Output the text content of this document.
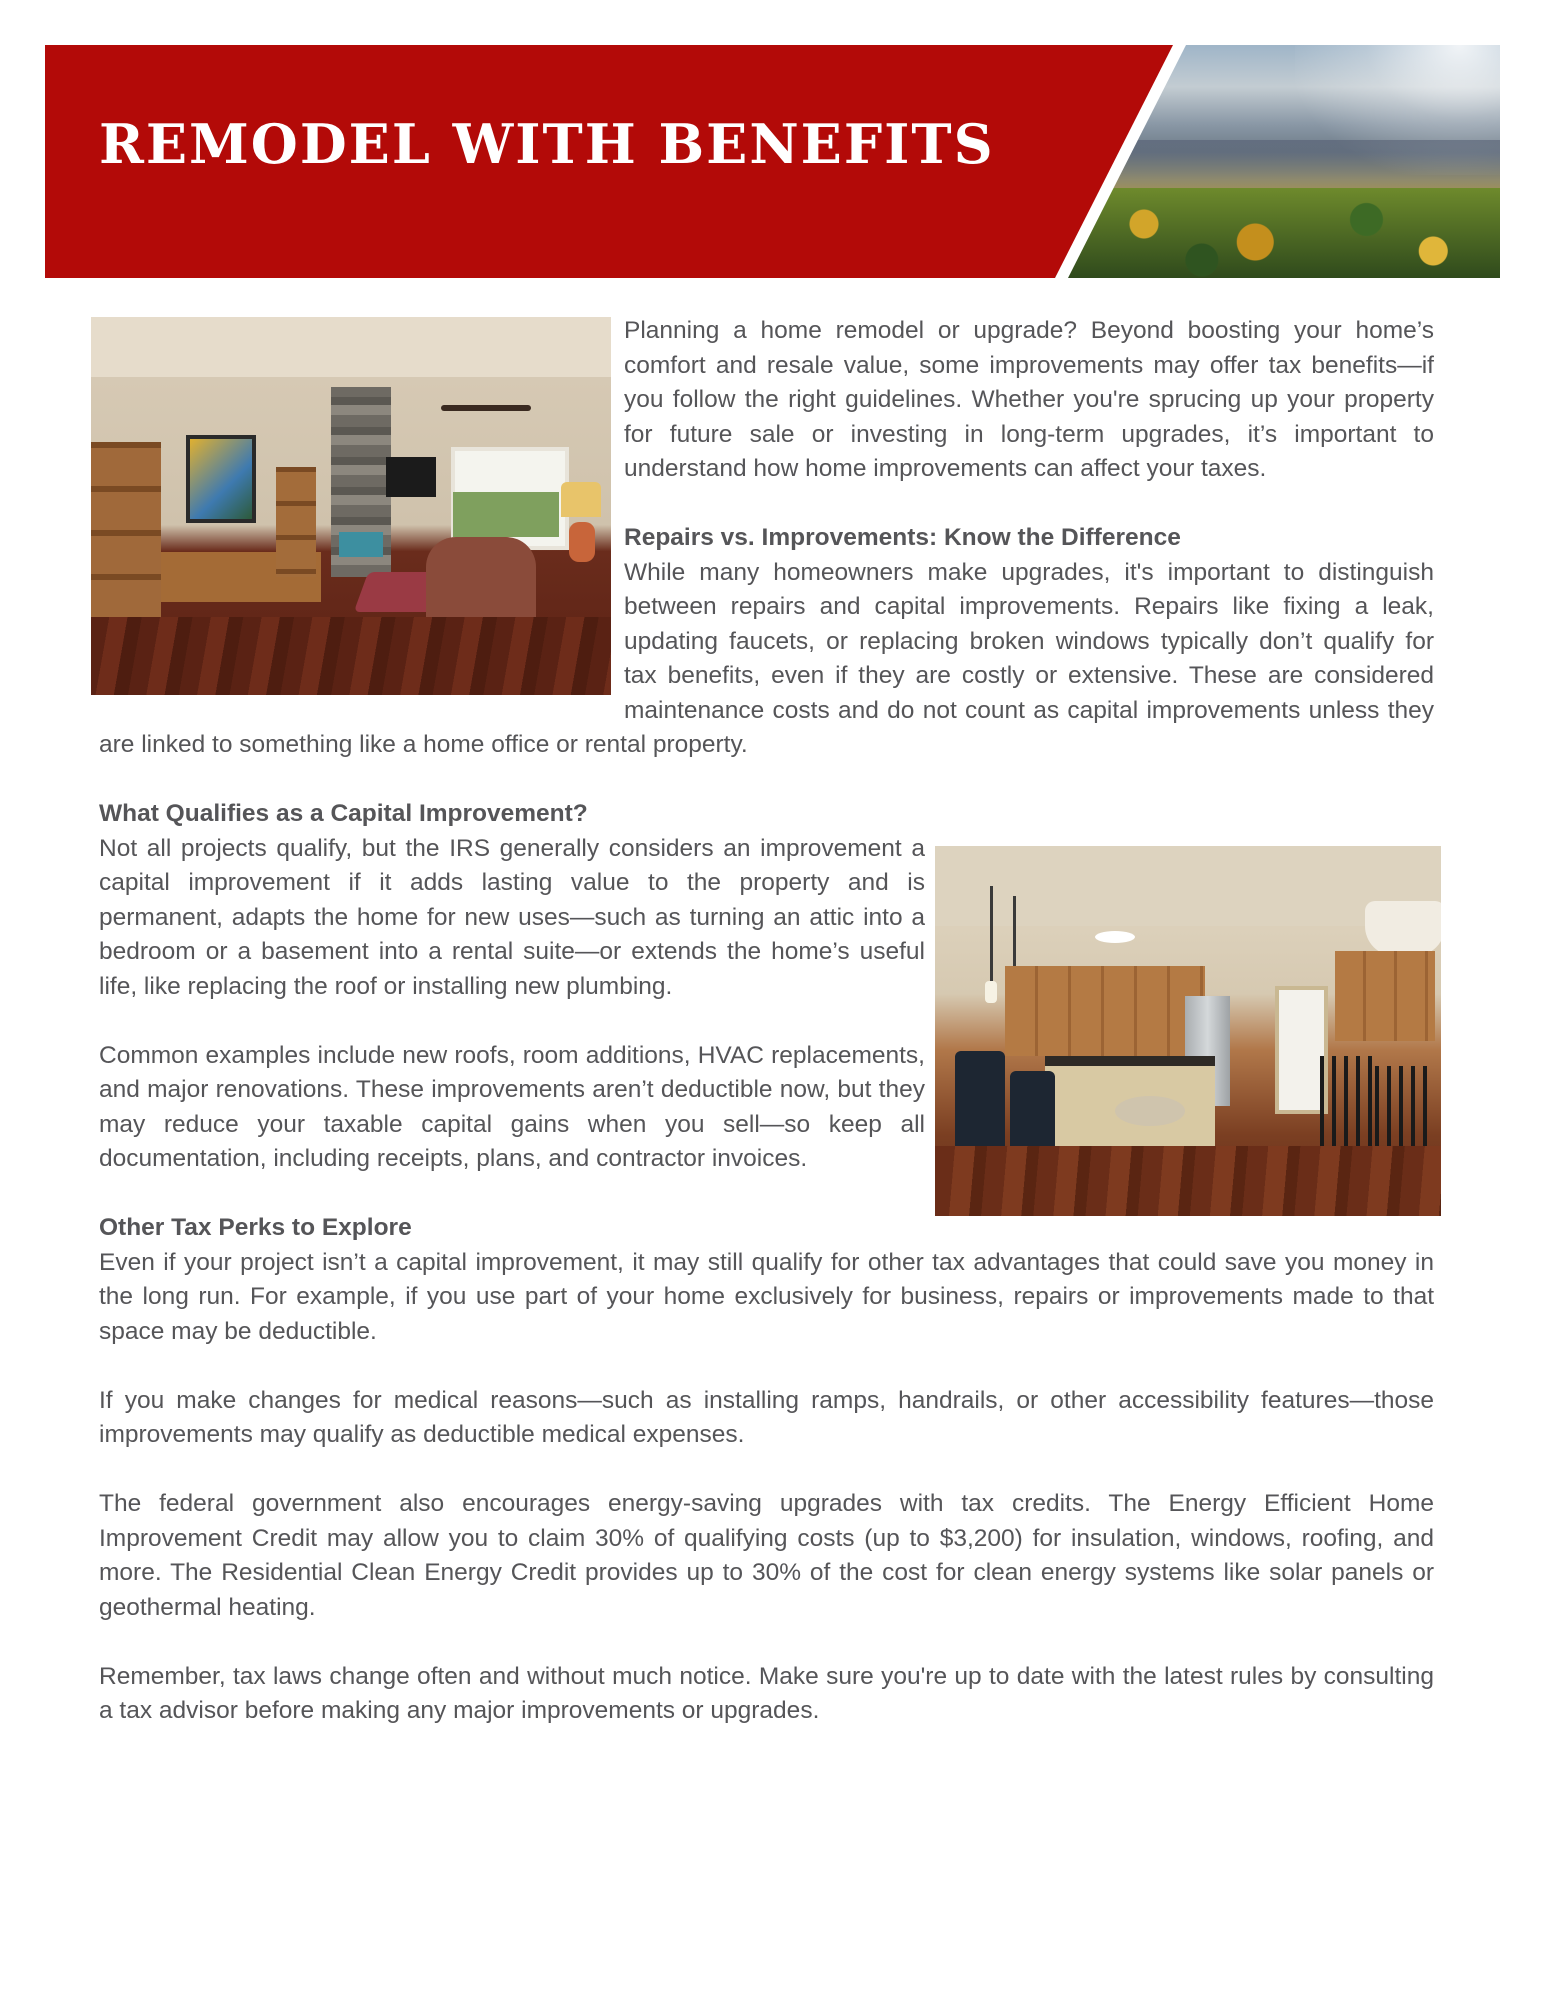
REMODEL WITH BENEFITS

Planning a home remodel or upgrade? Beyond boosting your home’s comfort and resale value, some improvements may offer tax benefits—if you follow the right guidelines. Whether you're sprucing up your property for future sale or investing in long-term upgrades, it’s important to understand how home improvements can affect your taxes.

Repairs vs. Improvements: Know the Difference

While many homeowners make upgrades, it's important to distinguish between repairs and capital improvements. Repairs like fixing a leak, updating faucets, or replacing broken windows typically don’t qualify for tax benefits, even if they are costly or extensive. These are considered maintenance costs and do not count as capital improvements unless they are linked to something like a home office or rental property.

What Qualifies as a Capital Improvement?

Not all projects qualify, but the IRS generally considers an improvement a capital improvement if it adds lasting value to the property and is permanent, adapts the home for new uses—such as turning an attic into a bedroom or a basement into a rental suite—or extends the home’s useful life, like replacing the roof or installing new plumbing.

Common examples include new roofs, room additions, HVAC replacements, and major renovations. These improvements aren’t deductible now, but they may reduce your taxable capital gains when you sell—so keep all documentation, including receipts, plans, and contractor invoices.

Other Tax Perks to Explore

Even if your project isn’t a capital improvement, it may still qualify for other tax advantages that could save you money in the long run. For example, if you use part of your home exclusively for business, repairs or improvements made to that space may be deductible.

If you make changes for medical reasons—such as installing ramps, handrails, or other accessibility features—those improvements may qualify as deductible medical expenses.

The federal government also encourages energy-saving upgrades with tax credits. The Energy Efficient Home Improvement Credit may allow you to claim 30% of qualifying costs (up to $3,200) for insulation, windows, roofing, and more. The Residential Clean Energy Credit provides up to 30% of the cost for clean energy systems like solar panels or geothermal heating.

Remember, tax laws change often and without much notice. Make sure you're up to date with the latest rules by consulting a tax advisor before making any major improvements or upgrades.
